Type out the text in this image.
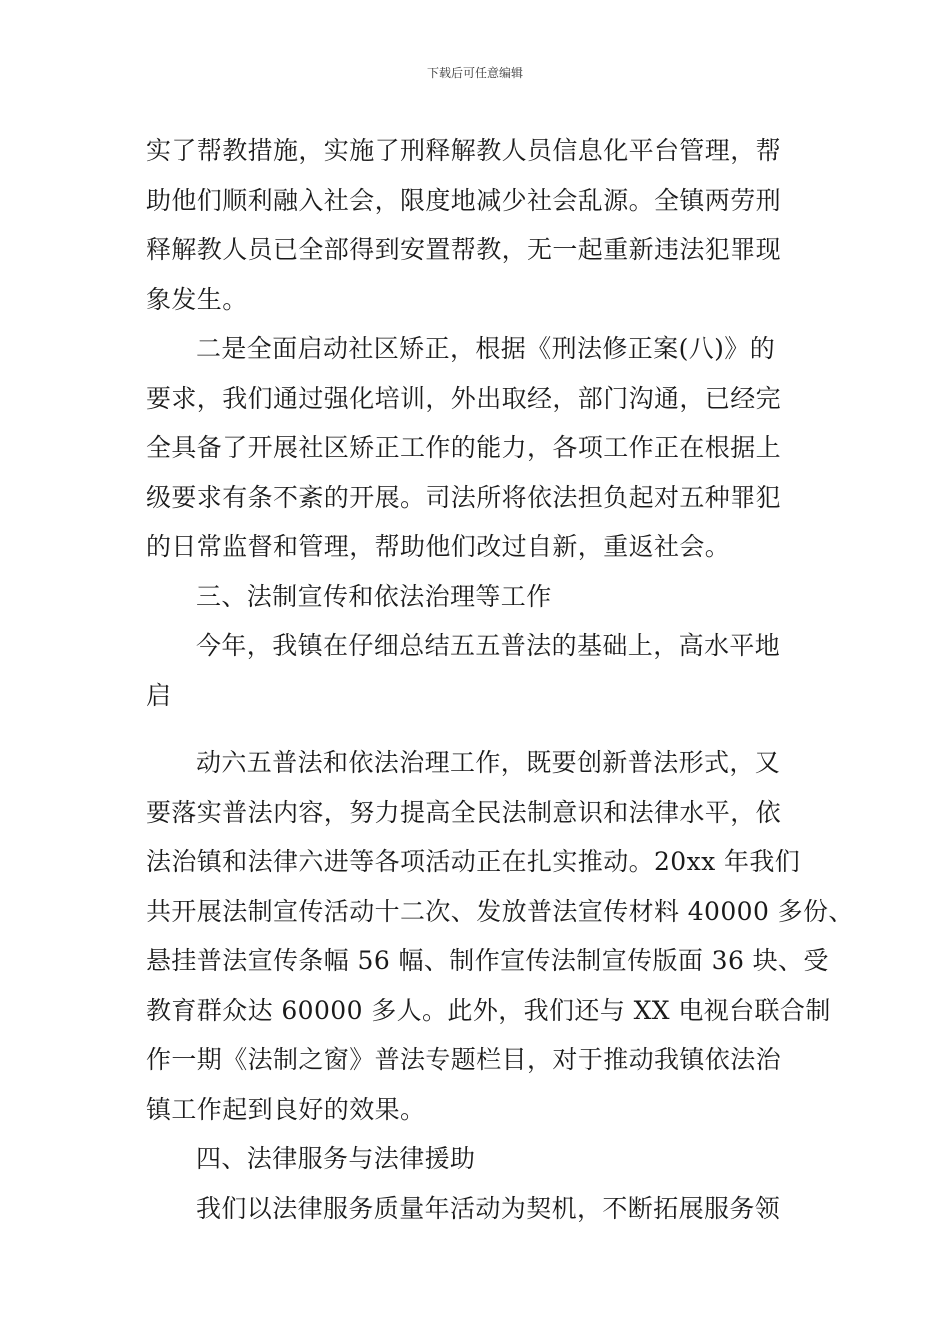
下载后可任意编辑
实了帮教措施，实施了刑释解教人员信息化平台管理，帮
助他们顺利融入社会，限度地减少社会乱源。全镇两劳刑
释解教人员已全部得到安置帮教，无一起重新违法犯罪现
象发生。
二是全面启动社区矫正，根据《刑法修正案(八)》的
要求，我们通过强化培训，外出取经，部门沟通，已经完
全具备了开展社区矫正工作的能力，各项工作正在根据上
级要求有条不紊的开展。司法所将依法担负起对五种罪犯
的日常监督和管理，帮助他们改过自新，重返社会。
三、法制宣传和依法治理等工作
今年，我镇在仔细总结五五普法的基础上，高水平地
启
动六五普法和依法治理工作，既要创新普法形式，又
要落实普法内容，努力提高全民法制意识和法律水平，依
法治镇和法律六进等各项活动正在扎实推动。20xx 年我们
共开展法制宣传活动十二次、发放普法宣传材料 40000 多份、
悬挂普法宣传条幅 56 幅、制作宣传法制宣传版面 36 块、受
教育群众达 60000 多人。此外，我们还与 XX 电视台联合制
作一期《法制之窗》普法专题栏目，对于推动我镇依法治
镇工作起到良好的效果。
四、法律服务与法律援助
我们以法律服务质量年活动为契机，不断拓展服务领
